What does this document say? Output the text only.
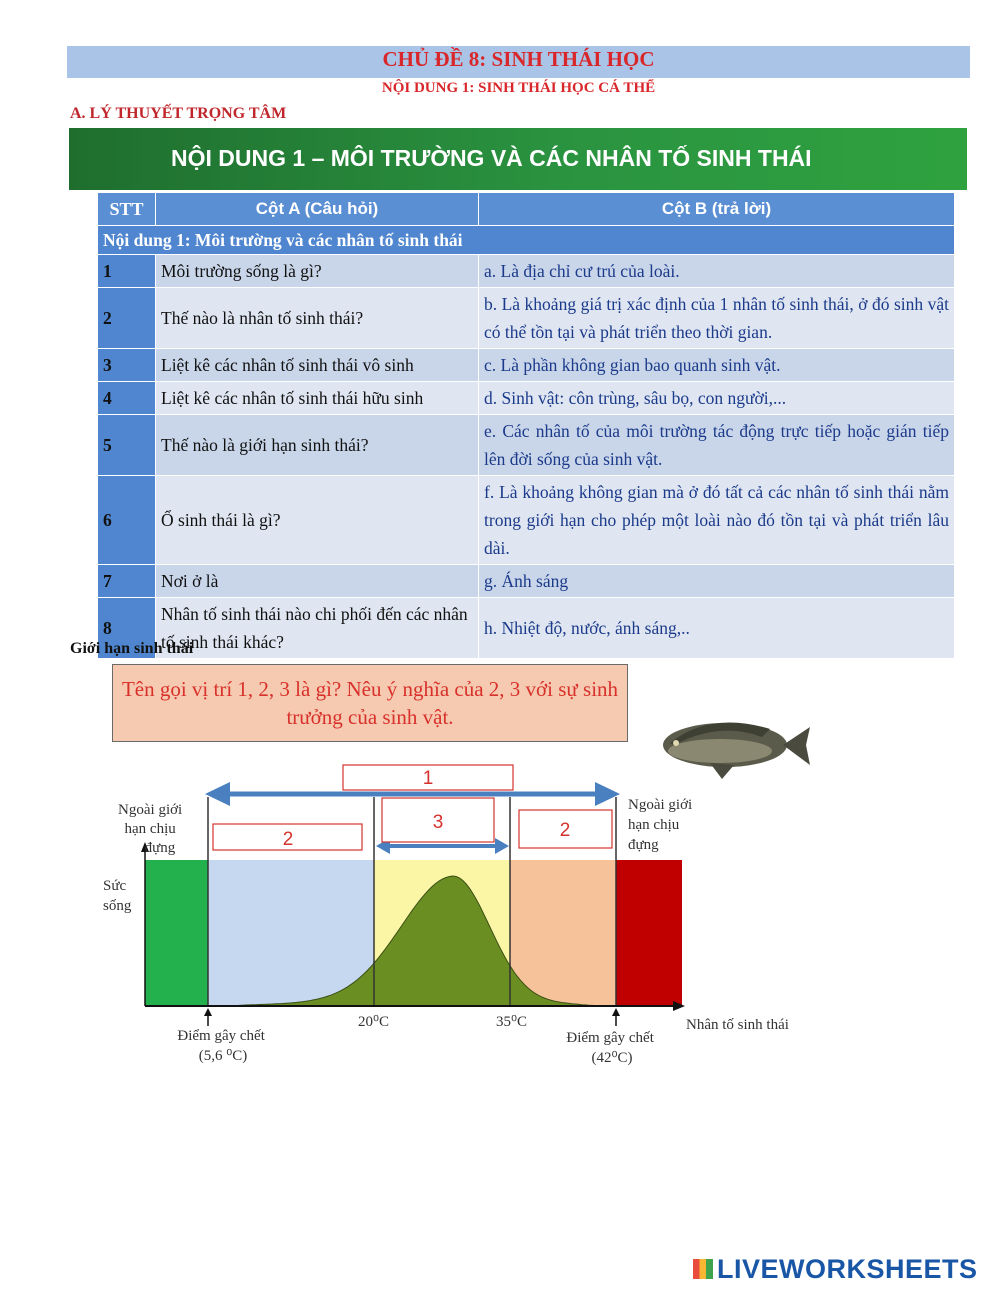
CHỦ ĐỀ 8: SINH THÁI HỌC
NỘI DUNG 1: SINH THÁI HỌC CÁ THỂ
A. LÝ THUYẾT TRỌNG TÂM
NỘI DUNG 1 – MÔI TRƯỜNG VÀ CÁC NHÂN TỐ SINH THÁI
STT	Cột A (Câu hỏi)	Cột B (trả lời)
Nội dung 1: Môi trường và các nhân tố sinh thái		
1	Môi trường sống là gì?	a. Là địa chỉ cư trú của loài.
2	Thế nào là nhân tố sinh thái?	b. Là khoảng giá trị xác định của 1 nhân tố sinh thái, ở đó sinh vật có thể tồn tại và phát triển theo thời gian.
3	Liệt kê các nhân tố sinh thái vô sinh	c. Là phần không gian bao quanh sinh vật.
4	Liệt kê các nhân tố sinh thái hữu sinh	d. Sinh vật: côn trùng, sâu bọ, con người,...
5	Thế nào là giới hạn sinh thái?	e. Các nhân tố của môi trường tác động trực tiếp hoặc gián tiếp lên đời sống của sinh vật.
6	Ổ sinh thái là gì?	f. Là khoảng không gian mà ở đó tất cả các nhân tố sinh thái nằm trong giới hạn cho phép một loài nào đó tồn tại và phát triển lâu dài.
7	Nơi ở là	g. Ánh sáng
8	Nhân tố sinh thái nào chi phối đến các nhân tố sinh thái khác?	h. Nhiệt độ, nước, ánh sáng,..
Giới hạn sinh thái
1
2
3	2
Ngoài giới hạn chịu đựng
Ngoài giới hạn chịu đựng
Sức sống
20⁰C	35⁰C	Nhân tố sinh thái
Điểm gây chết (5,6 ⁰C)
Điểm gây chết (42⁰C)
Tên gọi vị trí 1, 2, 3 là gì? Nêu ý nghĩa của 2, 3 với sự sinh trưởng của sinh vật.
LIVEWORKSHEETS
